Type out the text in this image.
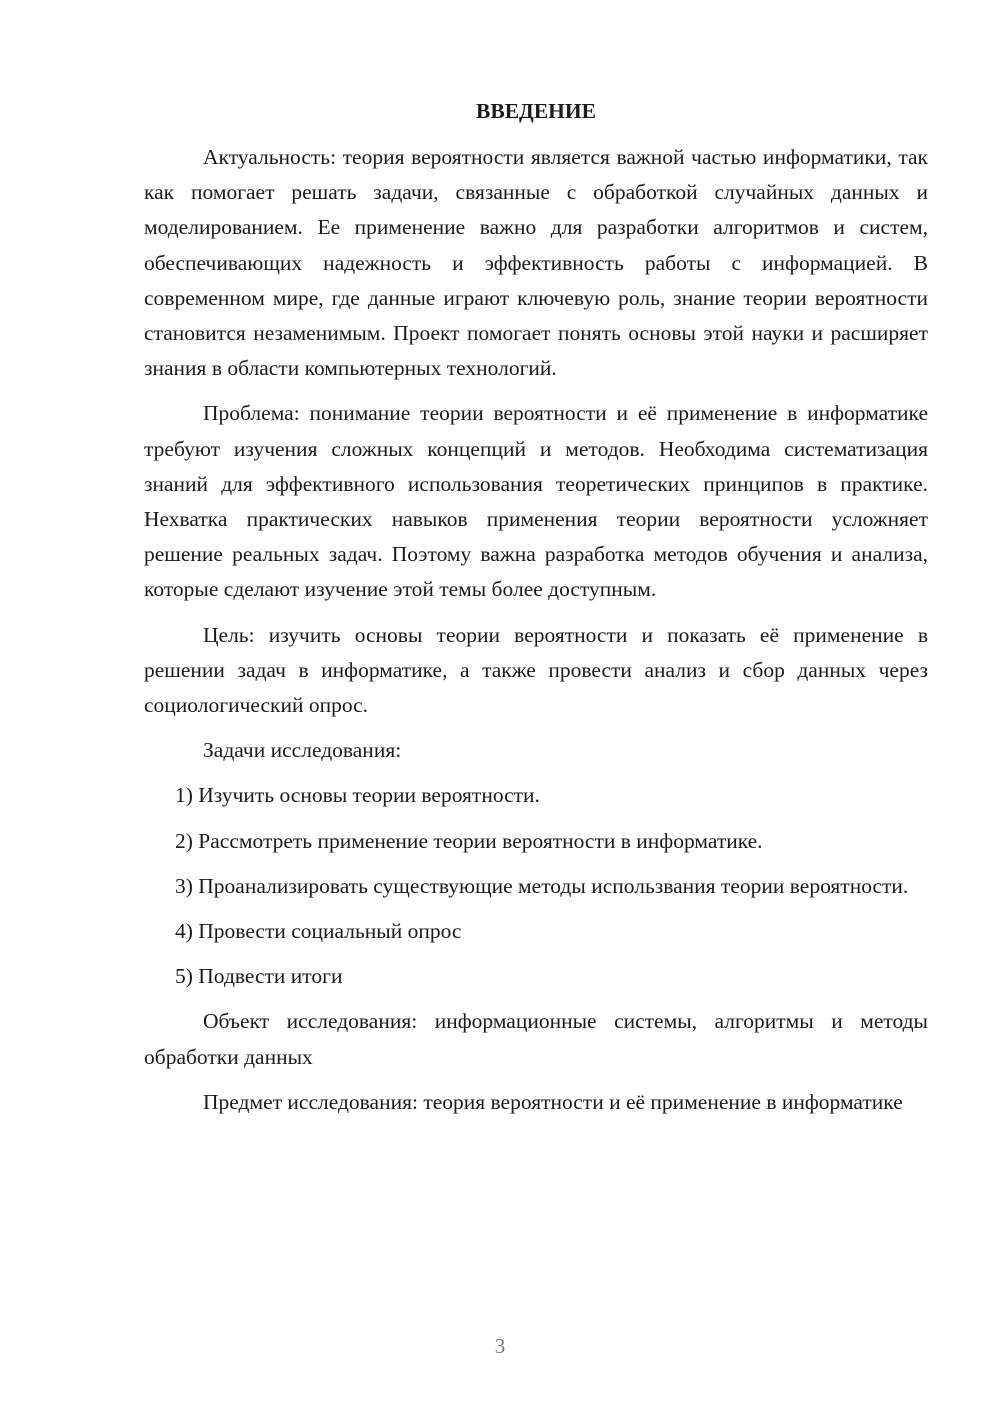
ВВЕДЕНИЕ

Актуальность: теория вероятности является важной частью информатики, так как помогает решать задачи, связанные с обработкой случайных данных и моделированием. Ее применение важно для разработки алгоритмов и систем, обеспечивающих надежность и эффективность работы с информацией. В современном мире, где данные играют ключевую роль, знание теории вероятности становится незаменимым. Проект помогает понять основы этой науки и расширяет знания в области компьютерных технологий.

Проблема: понимание теории вероятности и её применение в информатике требуют изучения сложных концепций и методов. Необходима систематизация знаний для эффективного использования теоретических принципов в практике. Нехватка практических навыков применения теории вероятности усложняет решение реальных задач. Поэтому важна разработка методов обучения и анализа, которые сделают изучение этой темы более доступным.

Цель: изучить основы теории вероятности и показать её применение в решении задач в информатике, а также провести анализ и сбор данных через социологический опрос.

Задачи исследования:

1) Изучить основы теории вероятности.

2) Рассмотреть применение теории вероятности в информатике.

3) Проанализировать существующие методы использвания теории вероятности.

4) Провести социальный опрос

5) Подвести итоги

Объект исследования: информационные системы, алгоритмы и методы обработки данных

Предмет исследования: теория вероятности и её применение в информатике

3
